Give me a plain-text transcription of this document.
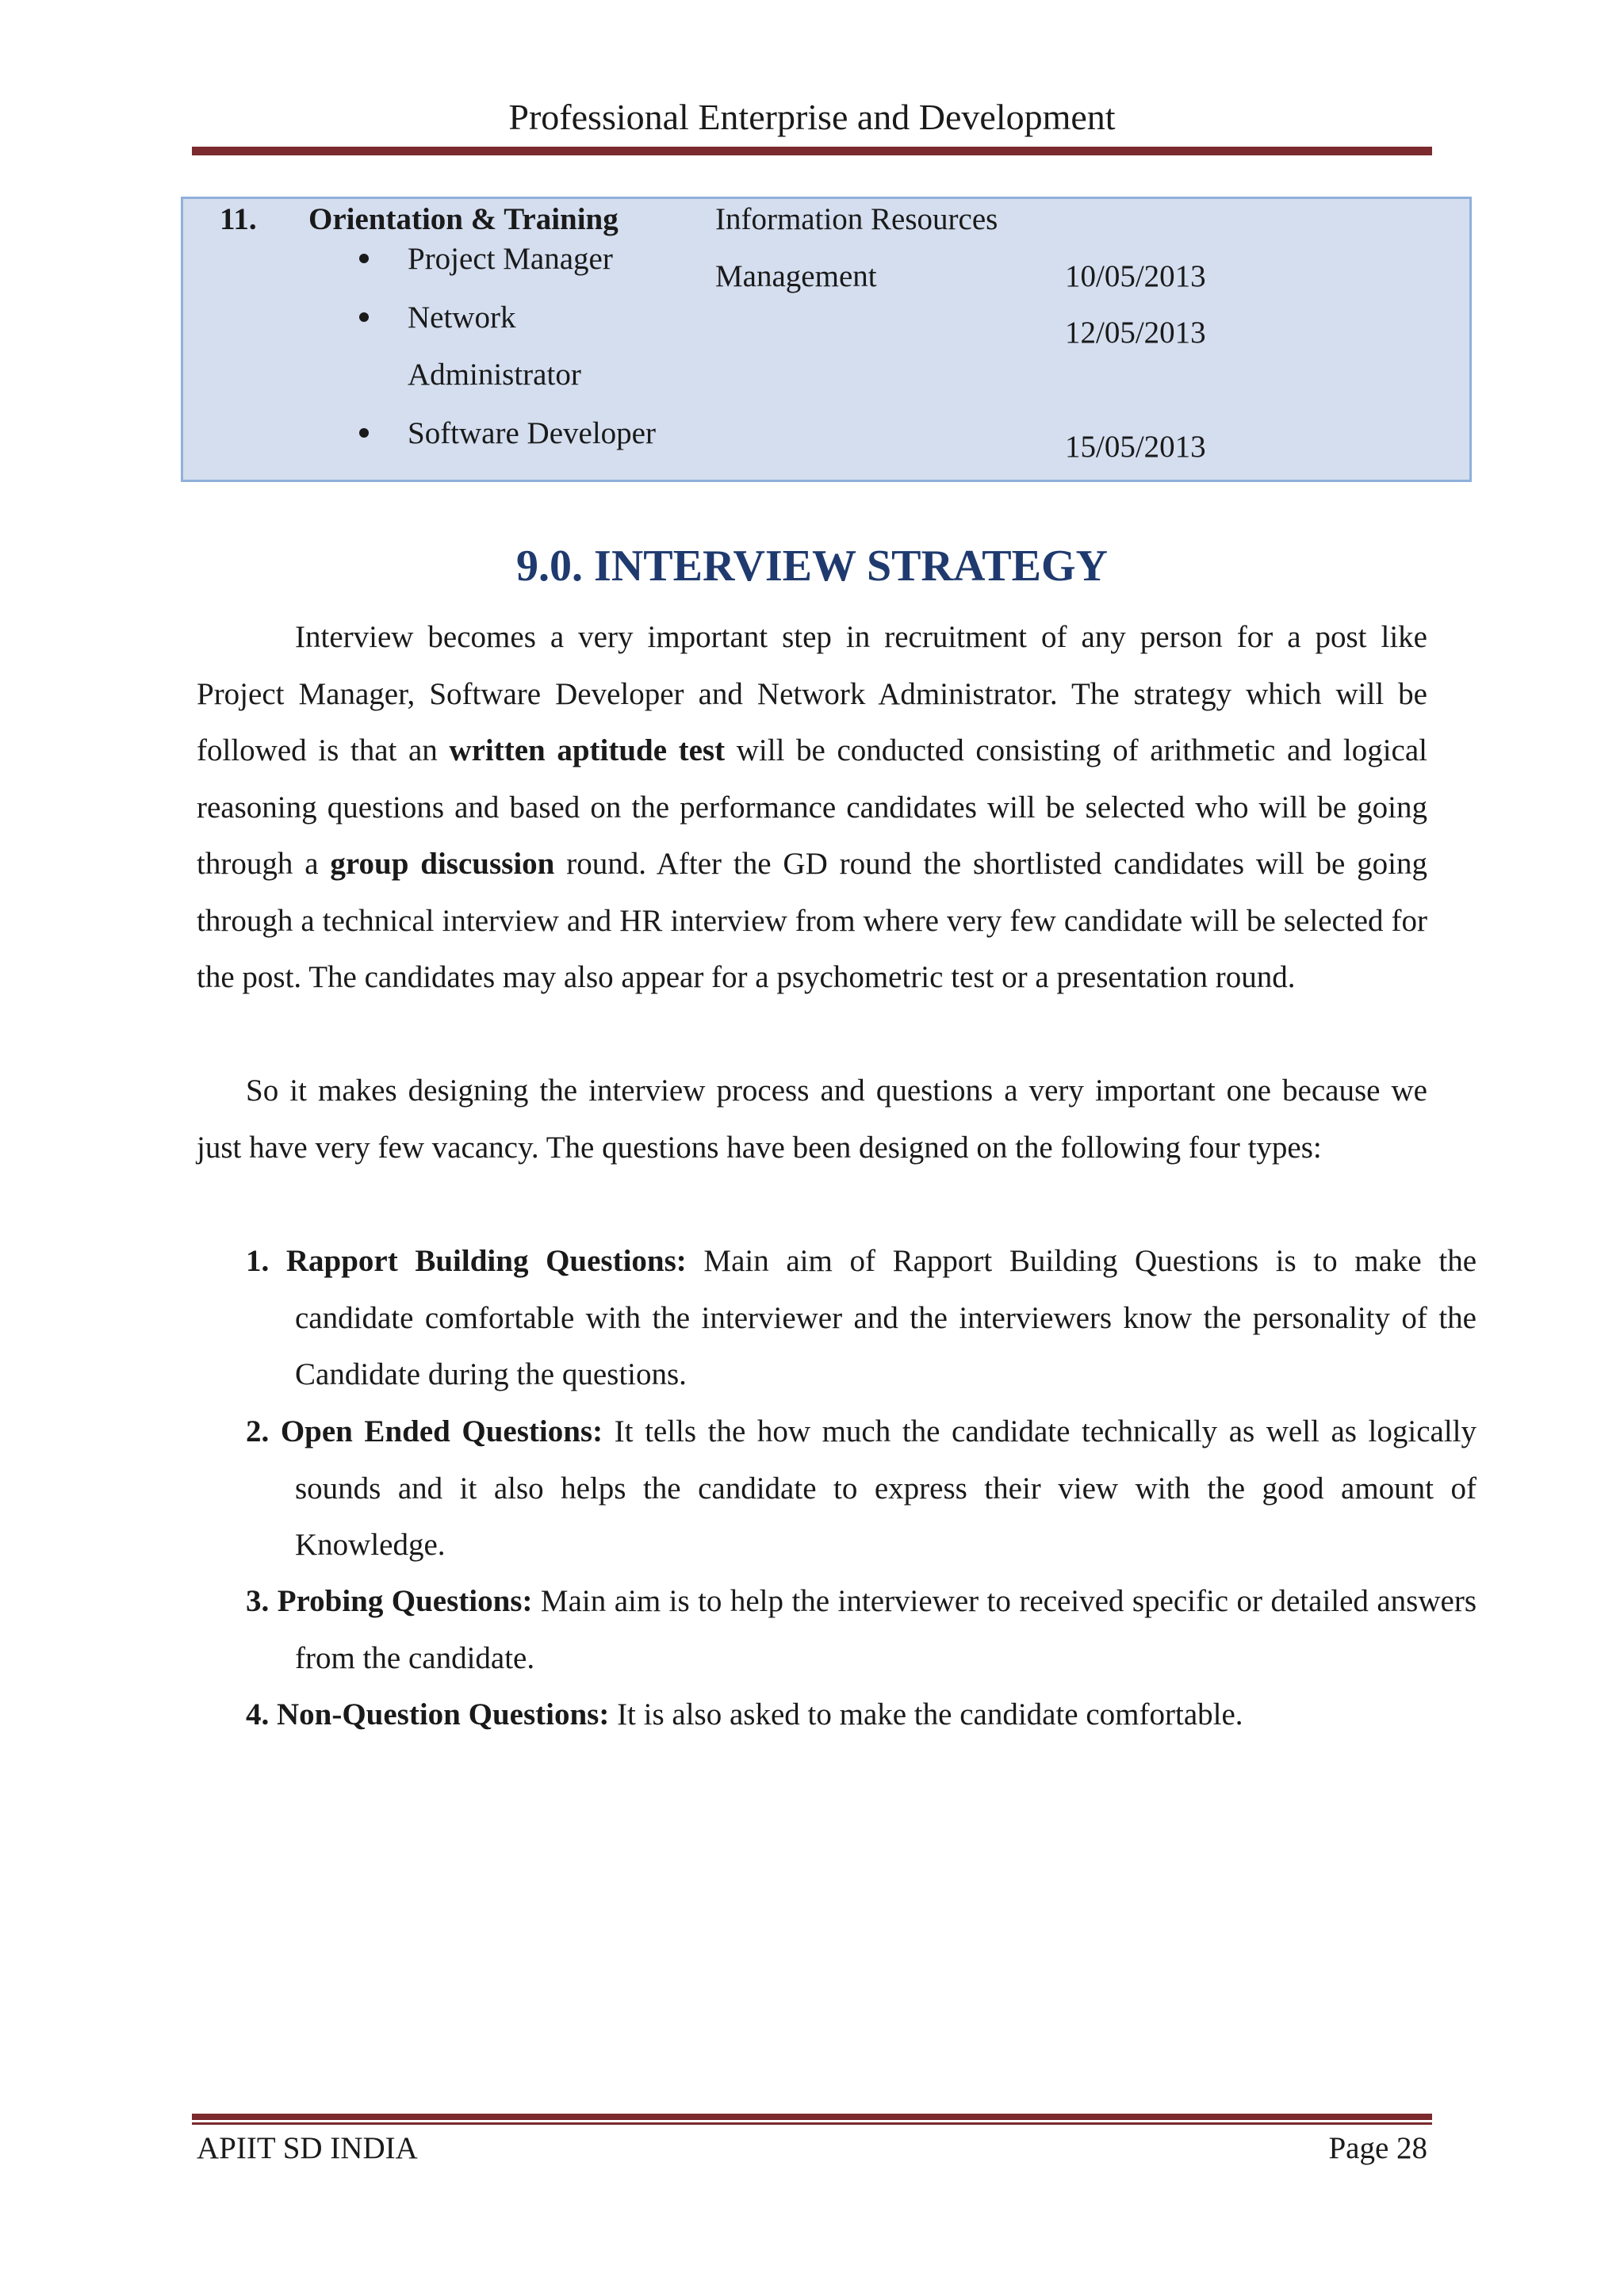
Professional Enterprise and Development
11. Orientation & Training
Project Manager
Network
Administrator
Software Developer
Information Resources
Management	10/05/2013
12/05/2013
15/05/2013
9.0. INTERVIEW STRATEGY

Interview becomes a very important step in recruitment of any person for a post like Project Manager, Software Developer and Network Administrator. The strategy which will be followed is that an written aptitude test will be conducted consisting of arithmetic and logical reasoning questions and based on the performance candidates will be selected who will be going through a group discussion round. After the GD round the shortlisted candidates will be going through a technical interview and HR interview from where very few candidate will be selected for the post. The candidates may also appear for a psychometric test or a presentation round.

So it makes designing the interview process and questions a very important one because we just have very few vacancy. The questions have been designed on the following four types:

1. Rapport Building Questions: Main aim of Rapport Building Questions is to make the candidate comfortable with the interviewer and the interviewers know the personality of the Candidate during the questions.

2. Open Ended Questions: It tells the how much the candidate technically as well as logically sounds and it also helps the candidate to express their view with the good amount of Knowledge.

3. Probing Questions: Main aim is to help the interviewer to received specific or detailed answers from the candidate.

4. Non-Question Questions: It is also asked to make the candidate comfortable.

APIIT SD INDIA	Page 28
